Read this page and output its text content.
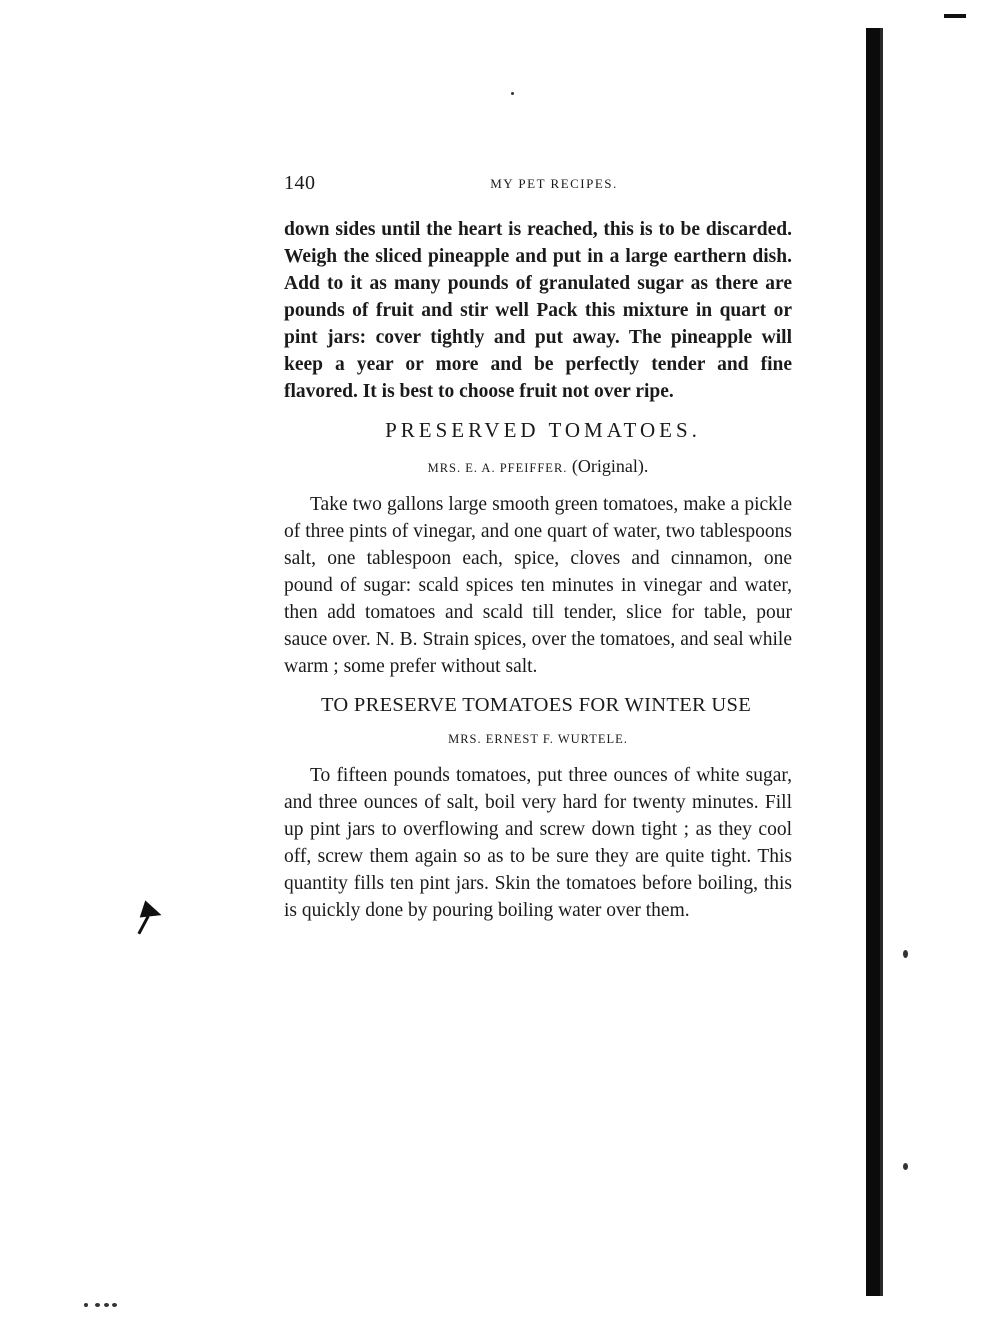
140	MY PET RECIPES.

down sides until the heart is reached, this is to be discarded. Weigh the sliced pineapple and put in a large earthern dish. Add to it as many pounds of granulated sugar as there are pounds of fruit and stir well Pack this mixture in quart or pint jars: cover tightly and put away. The pineapple will keep a year or more and be perfectly tender and fine flavored. It is best to choose fruit not over ripe.

PRESERVED TOMATOES.
MRS. E. A. PFEIFFER. (Original).

Take two gallons large smooth green tomatoes, make a pickle of three pints of vinegar, and one quart of water, two tablespoons salt, one tablespoon each, spice, cloves and cinnamon, one pound of sugar: scald spices ten minutes in vinegar and water, then add tomatoes and scald till tender, slice for table, pour sauce over. N. B. Strain spices, over the tomatoes, and seal while warm ; some prefer without salt.

TO PRESERVE TOMATOES FOR WINTER USE
MRS. ERNEST F. WURTELE.

To fifteen pounds tomatoes, put three ounces of white sugar, and three ounces of salt, boil very hard for twenty minutes. Fill up pint jars to overflowing and screw down tight ; as they cool off, screw them again so as to be sure they are quite tight. This quantity fills ten pint jars. Skin the tomatoes before boiling, this is quickly done by pouring boiling water over them.
